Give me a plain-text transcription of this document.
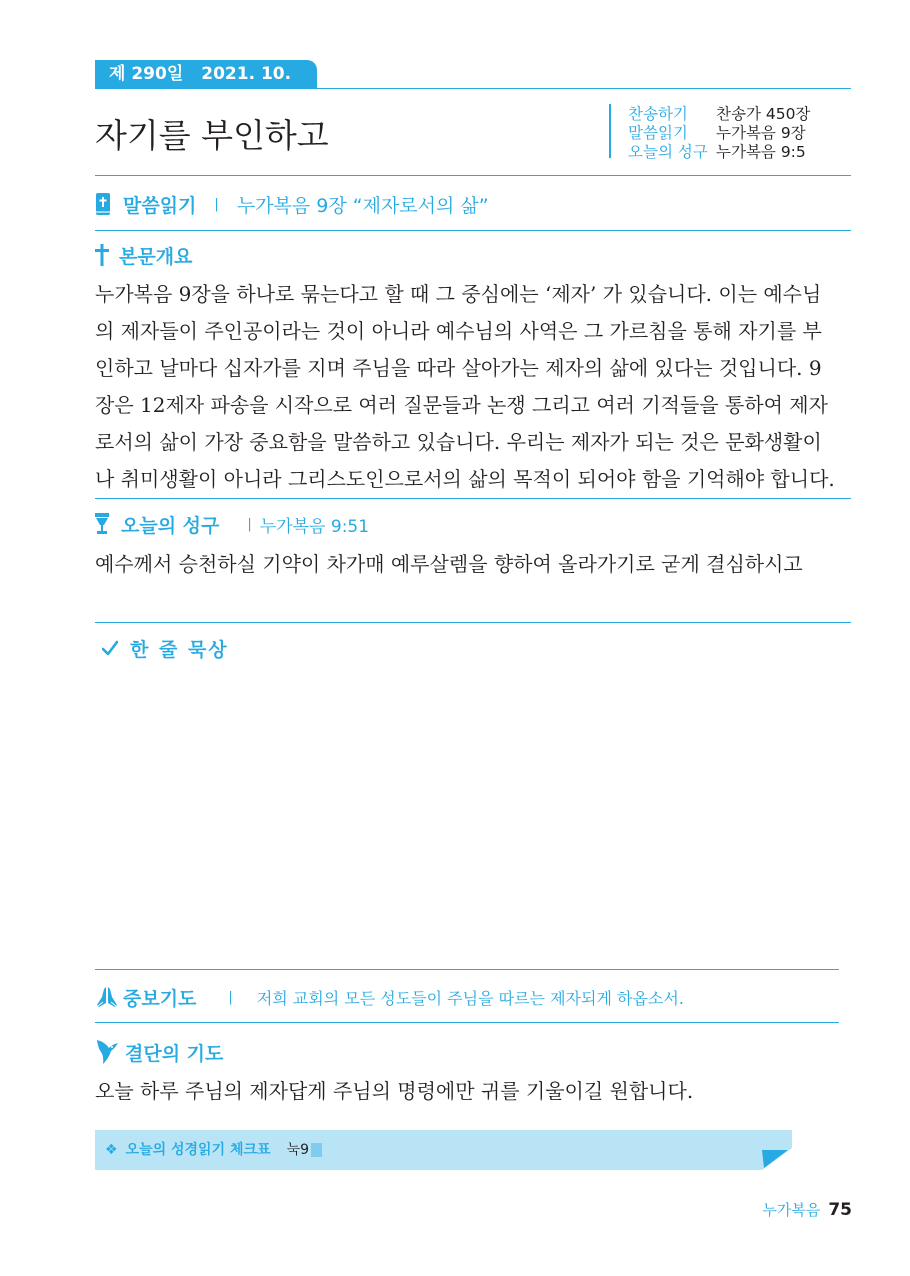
제 290일 2021. 10. 17. 주
자기를 부인하고
찬송하기	찬송가 450장
말씀읽기	누가복음 9장
오늘의 성구 누가복음 9:5
말씀읽기 | 누가복음 9장 “제자로서의 삶”
본문개요
누가복음 9장을 하나로 묶는다고 할 때 그 중심에는 ‘제자’ 가 있습니다. 이는 예수님
의 제자들이 주인공이라는 것이 아니라 예수님의 사역은 그 가르침을 통해 자기를 부
인하고 날마다 십자가를 지며 주님을 따라 살아가는 제자의 삶에 있다는 것입니다. 9
장은 12제자 파송을 시작으로 여러 질문들과 논쟁 그리고 여러 기적들을 통하여 제자
로서의 삶이 가장 중요함을 말씀하고 있습니다. 우리는 제자가 되는 것은 문화생활이
나 취미생활이 아니라 그리스도인으로서의 삶의 목적이 되어야 함을 기억해야 합니다.
오늘의 성구 | 누가복음 9:51
예수께서 승천하실 기약이 차가매 예루살렘을 향하여 올라가기로 굳게 결심하시고
한 줄 묵상
중보기도 | 저희 교회의 모든 성도들이 주님을 따르는 제자되게 하옵소서.
결단의 기도
오늘 하루 주님의 제자답게 주님의 명령에만 귀를 기울이길 원합니다.
❖ 오늘의 성경읽기 체크표 눅9
누가복음 75
